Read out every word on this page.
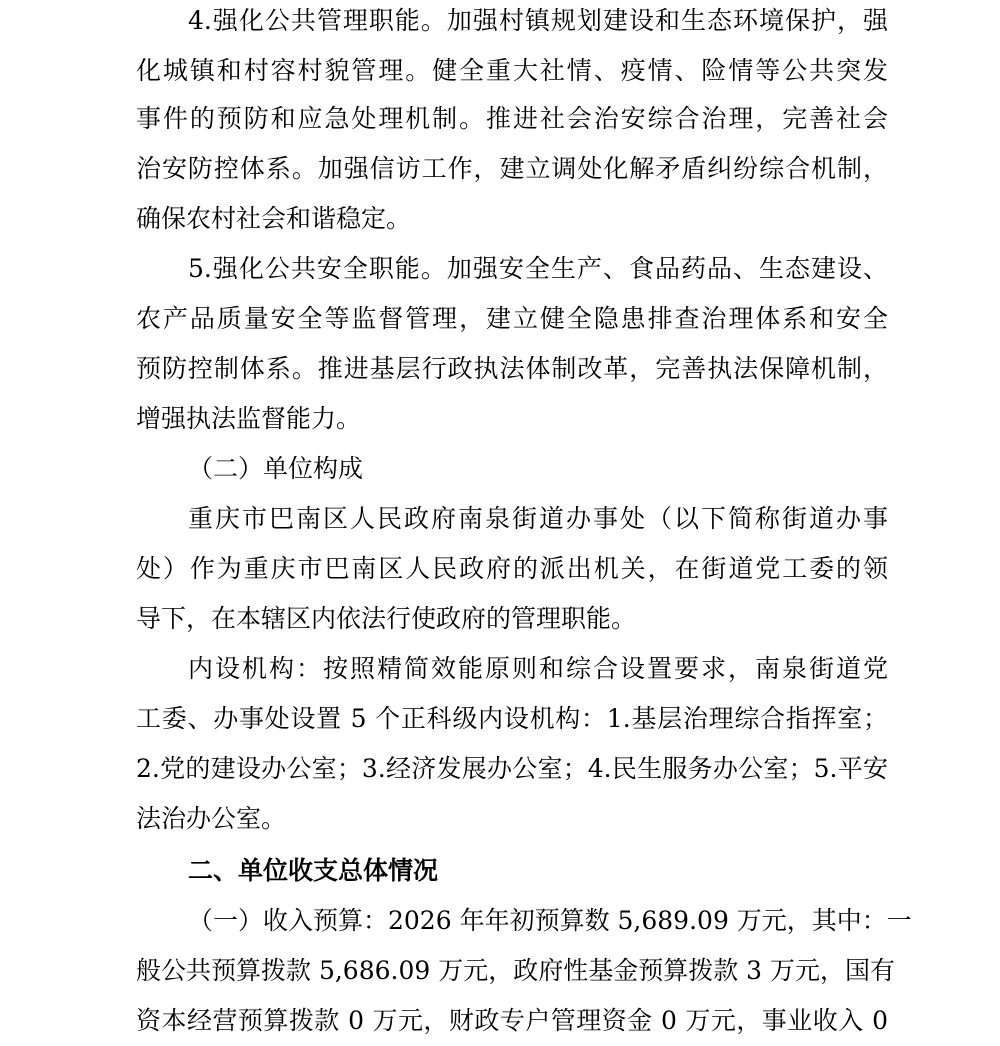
4.强化公共管理职能。加强村镇规划建设和生态环境保护，强
化城镇和村容村貌管理。健全重大社情、疫情、险情等公共突发
事件的预防和应急处理机制。推进社会治安综合治理，完善社会
治安防控体系。加强信访工作，建立调处化解矛盾纠纷综合机制，
确保农村社会和谐稳定。
5.强化公共安全职能。加强安全生产、食品药品、生态建设、
农产品质量安全等监督管理，建立健全隐患排查治理体系和安全
预防控制体系。推进基层行政执法体制改革，完善执法保障机制，
增强执法监督能力。
（二）单位构成
重庆市巴南区人民政府南泉街道办事处（以下简称街道办事
处）作为重庆市巴南区人民政府的派出机关，在街道党工委的领
导下，在本辖区内依法行使政府的管理职能。
内设机构：按照精简效能原则和综合设置要求，南泉街道党
工委、办事处设置 5 个正科级内设机构：1.基层治理综合指挥室；
2.党的建设办公室；3.经济发展办公室；4.民生服务办公室；5.平安
法治办公室。
二、单位收支总体情况
（一）收入预算：2026 年年初预算数 5,689.09 万元，其中：一
般公共预算拨款 5,686.09 万元，政府性基金预算拨款 3 万元，国有
资本经营预算拨款 0 万元，财政专户管理资金 0 万元，事业收入 0
